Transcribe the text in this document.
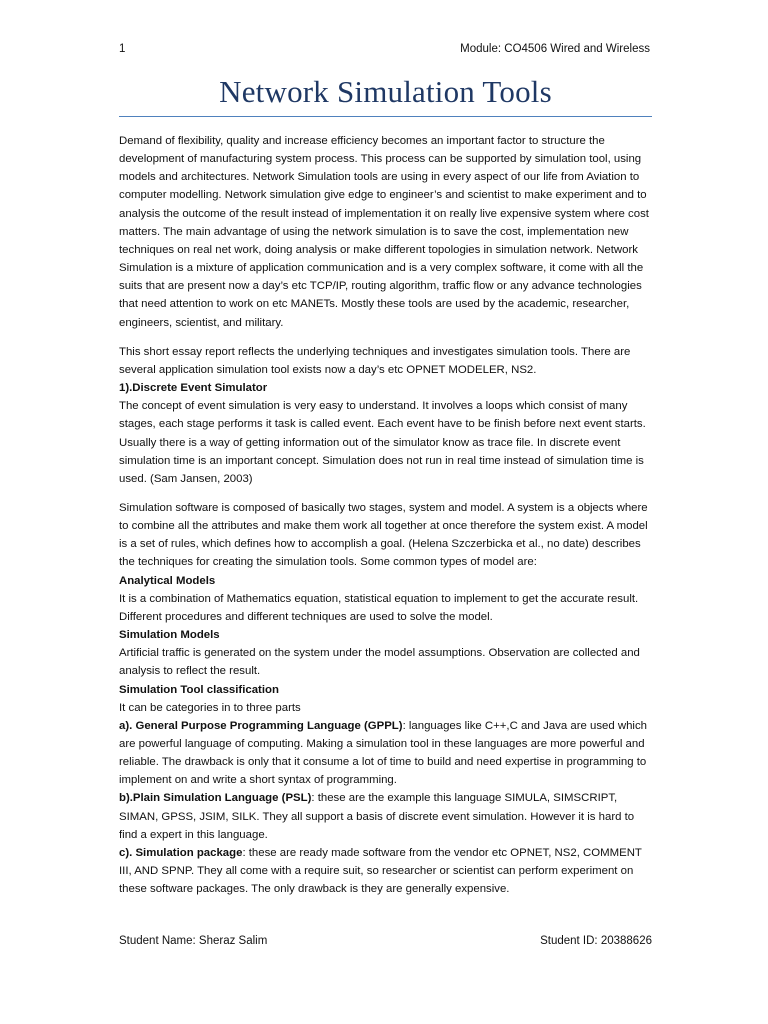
1	Module: CO4506 Wired and Wireless
Network Simulation Tools

Demand of flexibility, quality and increase efficiency becomes an important factor to structure the development of manufacturing system process. This process can be supported by simulation tool, using models and architectures. Network Simulation tools are using in every aspect of our life from Aviation to computer modelling. Network simulation give edge to engineer’s and scientist to make experiment and to analysis the outcome of the result instead of implementation it on really live expensive system where cost matters. The main advantage of using the network simulation is to save the cost, implementation new techniques on real net work, doing analysis or make different topologies in simulation network. Network Simulation is a mixture of application communication and is a very complex software, it come with all the suits that are present now a day’s etc TCP/IP, routing algorithm, traffic flow or any advance technologies that need attention to work on etc MANETs. Mostly these tools are used by the academic, researcher, engineers, scientist, and military.

This short essay report reflects the underlying techniques and investigates simulation tools. There are several application simulation tool exists now a day’s etc OPNET MODELER, NS2.

1).Discrete Event Simulator

The concept of event simulation is very easy to understand. It involves a loops which consist of many stages, each stage performs it task is called event. Each event have to be finish before next event starts. Usually there is a way of getting information out of the simulator know as trace file. In discrete event simulation time is an important concept. Simulation does not run in real time instead of simulation time is used. (Sam Jansen, 2003)

Simulation software is composed of basically two stages, system and model. A system is a objects where to combine all the attributes and make them work all together at once therefore the system exist. A model is a set of rules, which defines how to accomplish a goal. (Helena Szczerbicka et al., no date) describes the techniques for creating the simulation tools. Some common types of model are:

Analytical Models

It is a combination of Mathematics equation, statistical equation to implement to get the accurate result. Different procedures and different techniques are used to solve the model.

Simulation Models

Artificial traffic is generated on the system under the model assumptions. Observation are collected and analysis to reflect the result.

Simulation Tool classification

It can be categories in to three parts

a). General Purpose Programming Language (GPPL): languages like C++,C and Java are used which are powerful language of computing. Making a simulation tool in these languages are more powerful and reliable. The drawback is only that it consume a lot of time to build and need expertise in programming to implement on and write a short syntax of programming.

b).Plain Simulation Language (PSL): these are the example this language SIMULA, SIMSCRIPT, SIMAN, GPSS, JSIM, SILK. They all support a basis of discrete event simulation. However it is hard to find a expert in this language.

c). Simulation package: these are ready made software from the vendor etc OPNET, NS2, COMMENT III, AND SPNP. They all come with a require suit, so researcher or scientist can perform experiment on these software packages. The only drawback is they are generally expensive.

Student Name: Sheraz Salim	Student ID: 20388626
